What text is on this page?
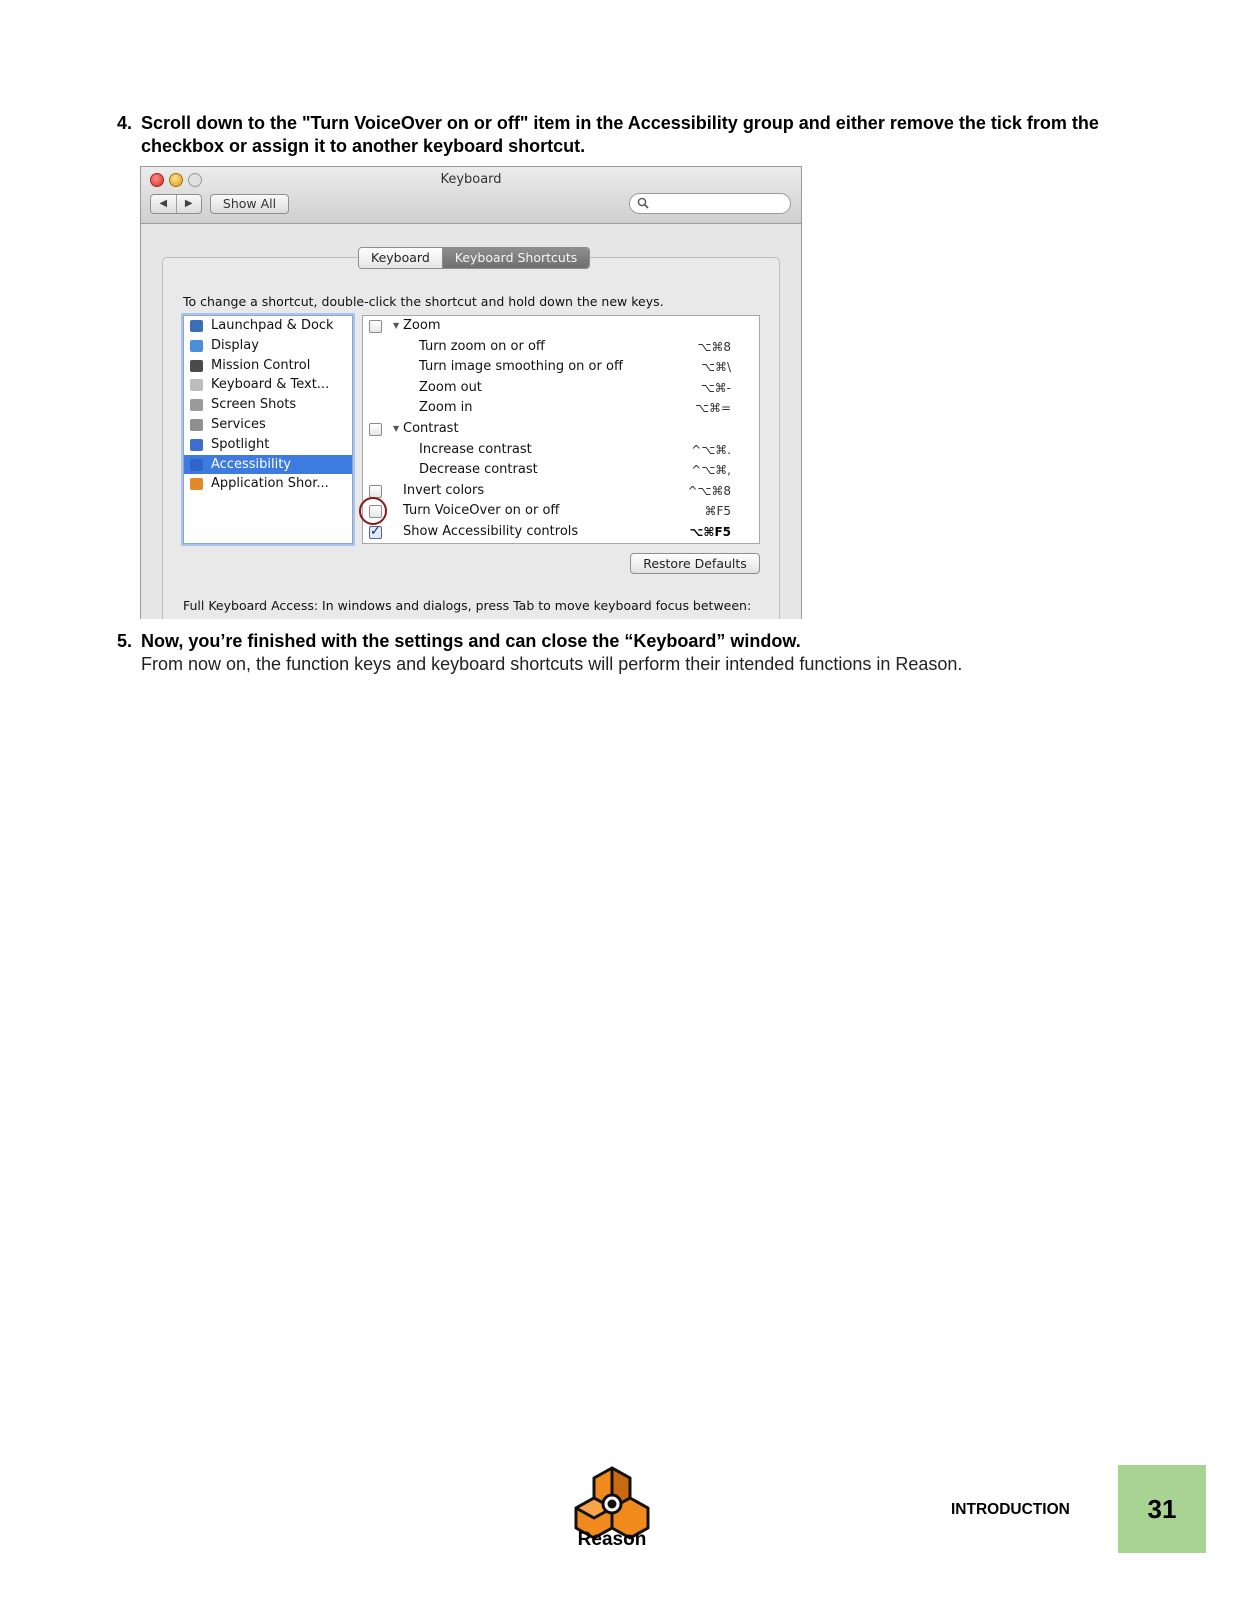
4. Scroll down to the "Turn VoiceOver on or off" item in the Accessibility group and either remove the tick from the checkbox or assign it to another keyboard shortcut.
Keyboard
◀	▶	Show All
Keyboard	Keyboard Shortcuts
To change a shortcut, double-click the shortcut and hold down the new keys.
Launchpad & Dock
Display
Mission Control
Keyboard & Text...
Screen Shots
Services
Spotlight
Accessibility
Application Shor...
▼ Zoom
Turn zoom on or off	⌥⌘8
Turn image smoothing on or off	⌥⌘\
Zoom out	⌥⌘-
Zoom in	⌥⌘=
▼ Contrast
Increase contrast	^⌥⌘.
Decrease contrast	^⌥⌘,
Invert colors	^⌥⌘8
Turn VoiceOver on or off	⌘F5
✓
Show Accessibility controls	⌥⌘F5
Restore Defaults
Full Keyboard Access: In windows and dialogs, press Tab to move keyboard focus between:
5. Now, you’re finished with the settings and can close the “Keyboard” window.
From now on, the function keys and keyboard shortcuts will perform their intended functions in Reason.
Reason
INTRODUCTION	31
